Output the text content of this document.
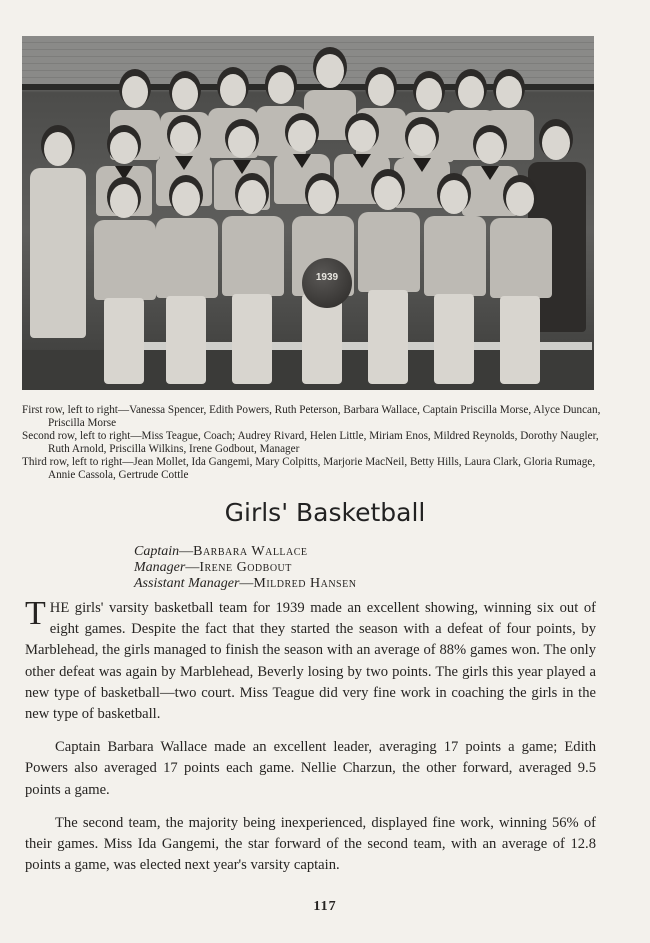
1939
First row, left to right—Vanessa Spencer, Edith Powers, Ruth Peterson, Barbara Wallace, Captain Priscilla Morse, Alyce Duncan, Priscilla Morse
Second row, left to right—Miss Teague, Coach; Audrey Rivard, Helen Little, Miriam Enos, Mildred Reynolds, Dorothy Naugler, Ruth Arnold, Priscilla Wilkins, Irene Godbout, Manager
Third row, left to right—Jean Mollet, Ida Gangemi, Mary Colpitts, Marjorie MacNeil, Betty Hills, Laura Clark, Gloria Rumage, Annie Cassola, Gertrude Cottle
Girls' Basketball
Captain—Barbara Wallace
Manager—Irene Godbout
Assistant Manager—Mildred Hansen

THE girls' varsity basketball team for 1939 made an excellent showing, winning six out of eight games. Despite the fact that they started the season with a defeat of four points, by Marblehead, the girls managed to finish the season with an average of 88% games won. The only other defeat was again by Marblehead, Beverly losing by two points. The girls this year played a new type of basketball—two court. Miss Teague did very fine work in coaching the girls in the new type of basketball.

Captain Barbara Wallace made an excellent leader, averaging 17 points a game; Edith Powers also averaged 17 points each game. Nellie Charzun, the other forward, averaged 9.5 points a game.

The second team, the majority being inexperienced, displayed fine work, winning 56% of their games. Miss Ida Gangemi, the star forward of the second team, with an average of 12.8 points a game, was elected next year's varsity captain.

117
